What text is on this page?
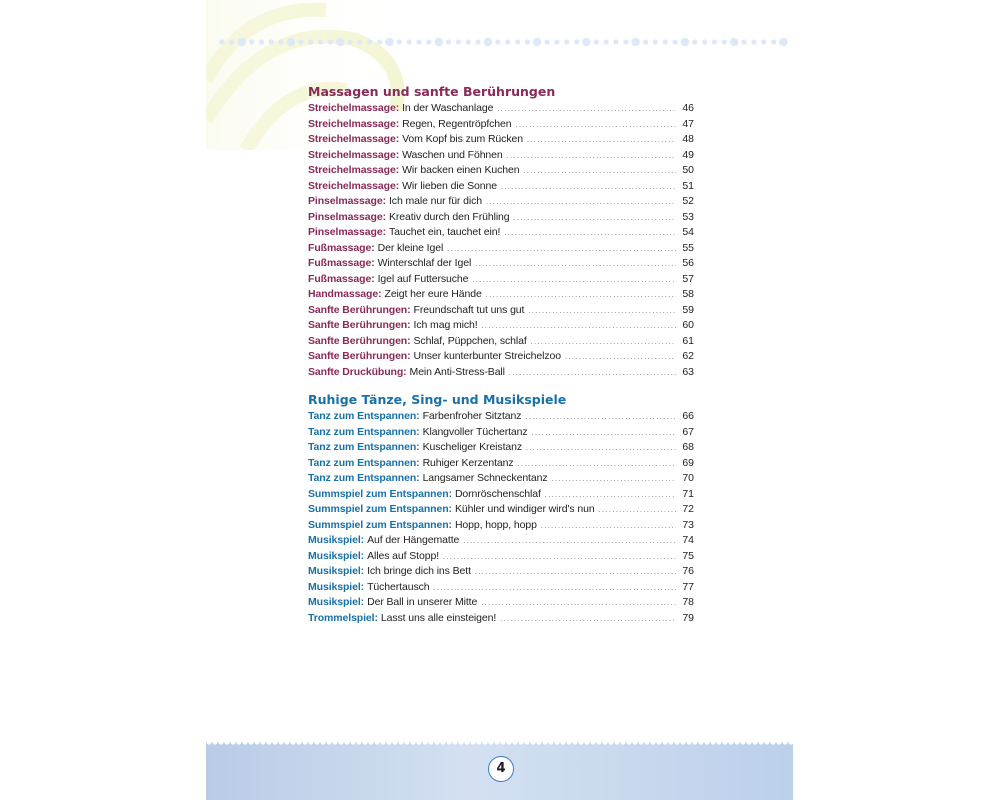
Massagen und sanfte Berührungen
Streichelmassage: In der Waschanlage .....	46
Streichelmassage: Regen, Regentröpfchen .....	47
Streichelmassage: Vom Kopf bis zum Rücken .....	48
Streichelmassage: Waschen und Föhnen .....	49
Streichelmassage: Wir backen einen Kuchen .....	50
Streichelmassage: Wir lieben die Sonne .....	51
Pinselmassage: Ich male nur für dich .....	52
Pinselmassage: Kreativ durch den Frühling .....	53
Pinselmassage: Tauchet ein, tauchet ein! .....	54
Fußmassage: Der kleine Igel .....	55
Fußmassage: Winterschlaf der Igel .....	56
Fußmassage: Igel auf Futtersuche .....	57
Handmassage: Zeigt her eure Hände .....	58
Sanfte Berührungen: Freundschaft tut uns gut .....	59
Sanfte Berührungen: Ich mag mich! .....	60
Sanfte Berührungen: Schlaf, Püppchen, schlaf .....	61
Sanfte Berührungen: Unser kunterbunter Streichelzoo .....	62
Sanfte Druckübung: Mein Anti-Stress-Ball .....	63
Ruhige Tänze, Sing- und Musikspiele
Tanz zum Entspannen: Farbenfroher Sitztanz .....	66
Tanz zum Entspannen: Klangvoller Tüchertanz .....	67
Tanz zum Entspannen: Kuscheliger Kreistanz .....	68
Tanz zum Entspannen: Ruhiger Kerzentanz .....	69
Tanz zum Entspannen: Langsamer Schneckentanz .....	70
Summspiel zum Entspannen: Dornröschenschlaf .....	71
Summspiel zum Entspannen: Kühler und windiger wird's nun .....	72
Summspiel zum Entspannen: Hopp, hopp, hopp .....	73
Musikspiel: Auf der Hängematte .....	74
Musikspiel: Alles auf Stopp! .....	75
Musikspiel: Ich bringe dich ins Bett .....	76
Musikspiel: Tüchertausch .....	77
Musikspiel: Der Ball in unserer Mitte .....	78
Trommelspiel: Lasst uns alle einsteigen! .....	79
4
